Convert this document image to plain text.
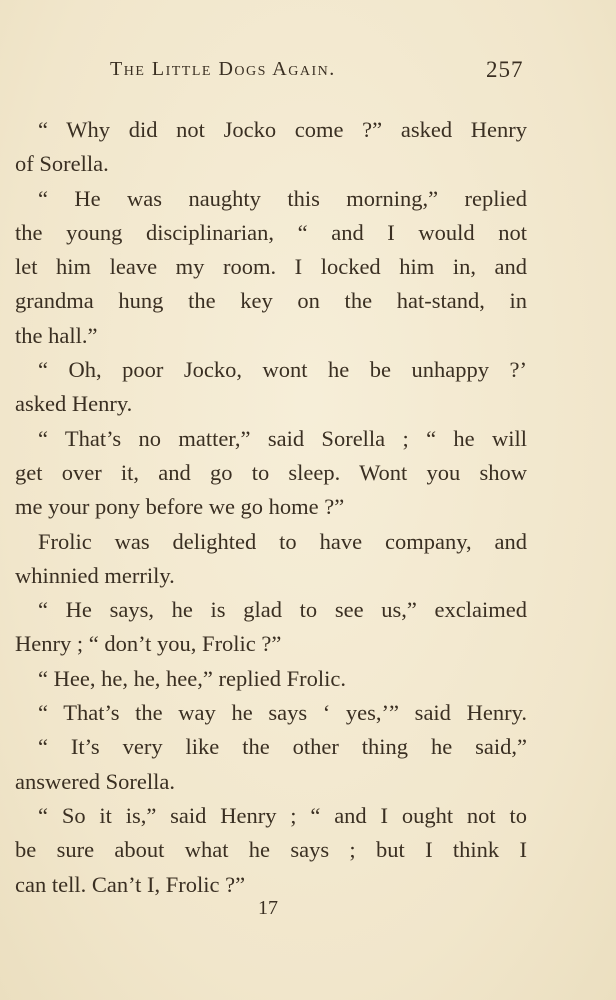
The Little Dogs Again.	257
“ Why did not Jocko come ?” asked Henry
of Sorella.
“ He was naughty this morning,” replied
the young disciplinarian, “ and I would not
let him leave my room. I locked him in, and
grandma hung the key on the hat-stand, in
the hall.”
“ Oh, poor Jocko, wont he be unhappy ?’
asked Henry.
“ That’s no matter,” said Sorella ; “ he will
get over it, and go to sleep. Wont you show
me your pony before we go home ?”
Frolic was delighted to have company, and
whinnied merrily.
“ He says, he is glad to see us,” exclaimed
Henry ; “ don’t you, Frolic ?”
“ Hee, he, he, hee,” replied Frolic.
“ That’s the way he says ‘ yes,’” said Henry.
“ It’s very like the other thing he said,”
answered Sorella.
“ So it is,” said Henry ; “ and I ought not to
be sure about what he says ; but I think I
can tell. Can’t I, Frolic ?”
17
